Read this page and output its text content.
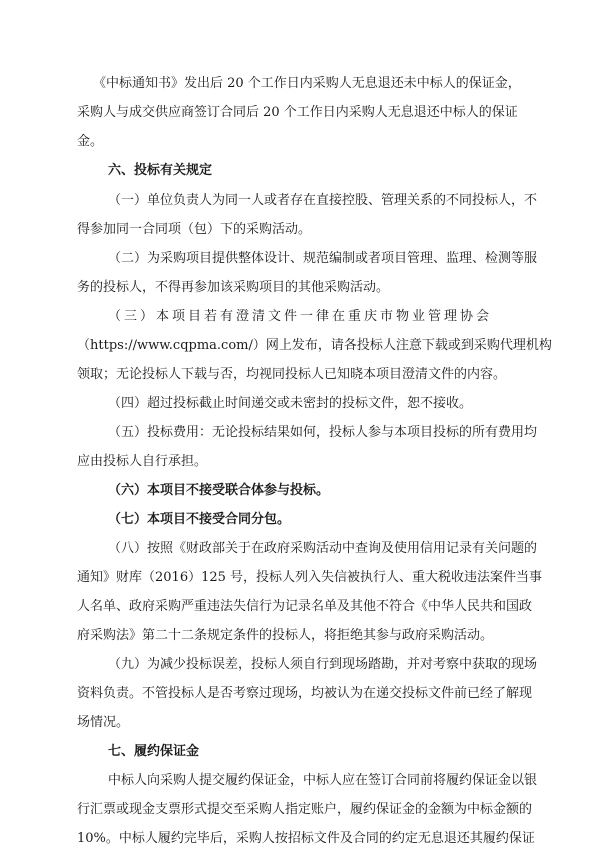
《中标通知书》发出后 20 个工作日内采购人无息退还未中标人的保证金，
采购人与成交供应商签订合同后 20 个工作日内采购人无息退还中标人的保证
金。
六、投标有关规定
（一）单位负责人为同一人或者存在直接控股、管理关系的不同投标人，不
得参加同一合同项（包）下的采购活动。
（二）为采购项目提供整体设计、规范编制或者项目管理、监理、检测等服
务的投标人，不得再参加该采购项目的其他采购活动。
（三）本项目若有澄清文件一律在重庆市物业管理协会
（https://www.cqpma.com/）网上发布，请各投标人注意下载或到采购代理机构
领取；无论投标人下载与否，均视同投标人已知晓本项目澄清文件的内容。
（四）超过投标截止时间递交或未密封的投标文件，恕不接收。
（五）投标费用：无论投标结果如何，投标人参与本项目投标的所有费用均
应由投标人自行承担。
（六）本项目不接受联合体参与投标。
（七）本项目不接受合同分包。
（八）按照《财政部关于在政府采购活动中查询及使用信用记录有关问题的
通知》财库（2016）125 号，投标人列入失信被执行人、重大税收违法案件当事
人名单、政府采购严重违法失信行为记录名单及其他不符合《中华人民共和国政
府采购法》第二十二条规定条件的投标人，将拒绝其参与政府采购活动。
（九）为减少投标误差，投标人须自行到现场踏勘，并对考察中获取的现场
资料负责。不管投标人是否考察过现场，均被认为在递交投标文件前已经了解现
场情况。
七、履约保证金
中标人向采购人提交履约保证金，中标人应在签订合同前将履约保证金以银
行汇票或现金支票形式提交至采购人指定账户，履约保证金的金额为中标金额的
10%。中标人履约完毕后，采购人按招标文件及合同的约定无息退还其履约保证
